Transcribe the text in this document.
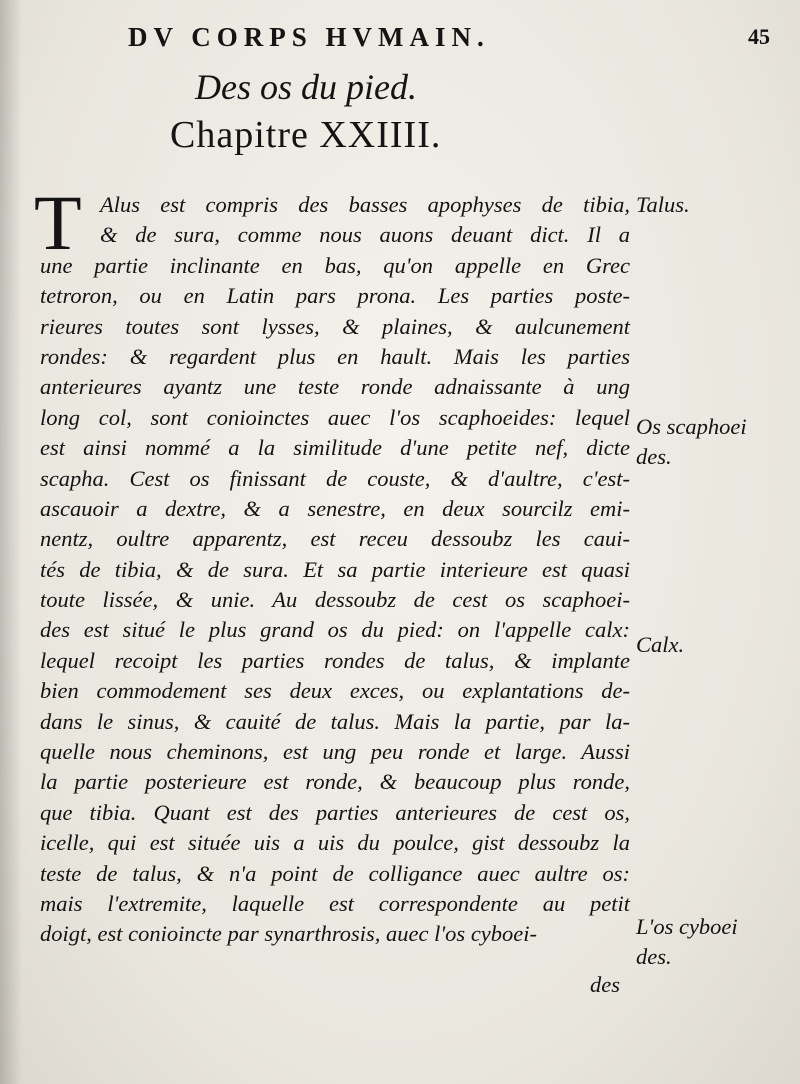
DV CORPS HVMAIN.	45
Des os du pied.
Chapitre XXIIII.
T Alus est compris des basses apophyses de tibia,
& de sura, comme nous auons deuant dict. Il a
une partie inclinante en bas, qu'on appelle en Grec
tetroron, ou en Latin pars prona. Les parties poste-
rieures toutes sont lysses, & plaines, & aulcunement
rondes: & regardent plus en hault. Mais les parties
anterieures ayantz une teste ronde adnaissante à ung
long col, sont conioinctes auec l'os scaphoeides: lequel
est ainsi nommé a la similitude d'une petite nef, dicte
scapha. Cest os finissant de couste, & d'aultre, c'est-
ascauoir a dextre, & a senestre, en deux sourcilz emi-
nentz, oultre apparentz, est receu dessoubz les caui-
tés de tibia, & de sura. Et sa partie interieure est quasi
toute lissée, & unie. Au dessoubz de cest os scaphoei-
des est situé le plus grand os du pied: on l'appelle calx:
lequel recoipt les parties rondes de talus, & implante
bien commodement ses deux exces, ou explantations de-
dans le sinus, & cauité de talus. Mais la partie, par la-
quelle nous cheminons, est ung peu ronde et large. Aussi
la partie posterieure est ronde, & beaucoup plus ronde,
que tibia. Quant est des parties anterieures de cest os,
icelle, qui est située uis a uis du poulce, gist dessoubz la
teste de talus, & n'a point de colligance auec aultre os:
mais l'extremite, laquelle est correspondente au petit
doigt, est conioincte par synarthrosis, auec l'os cyboei-
Talus.
Os scaphoei
des.
Calx.
L'os cyboei
des.
des
